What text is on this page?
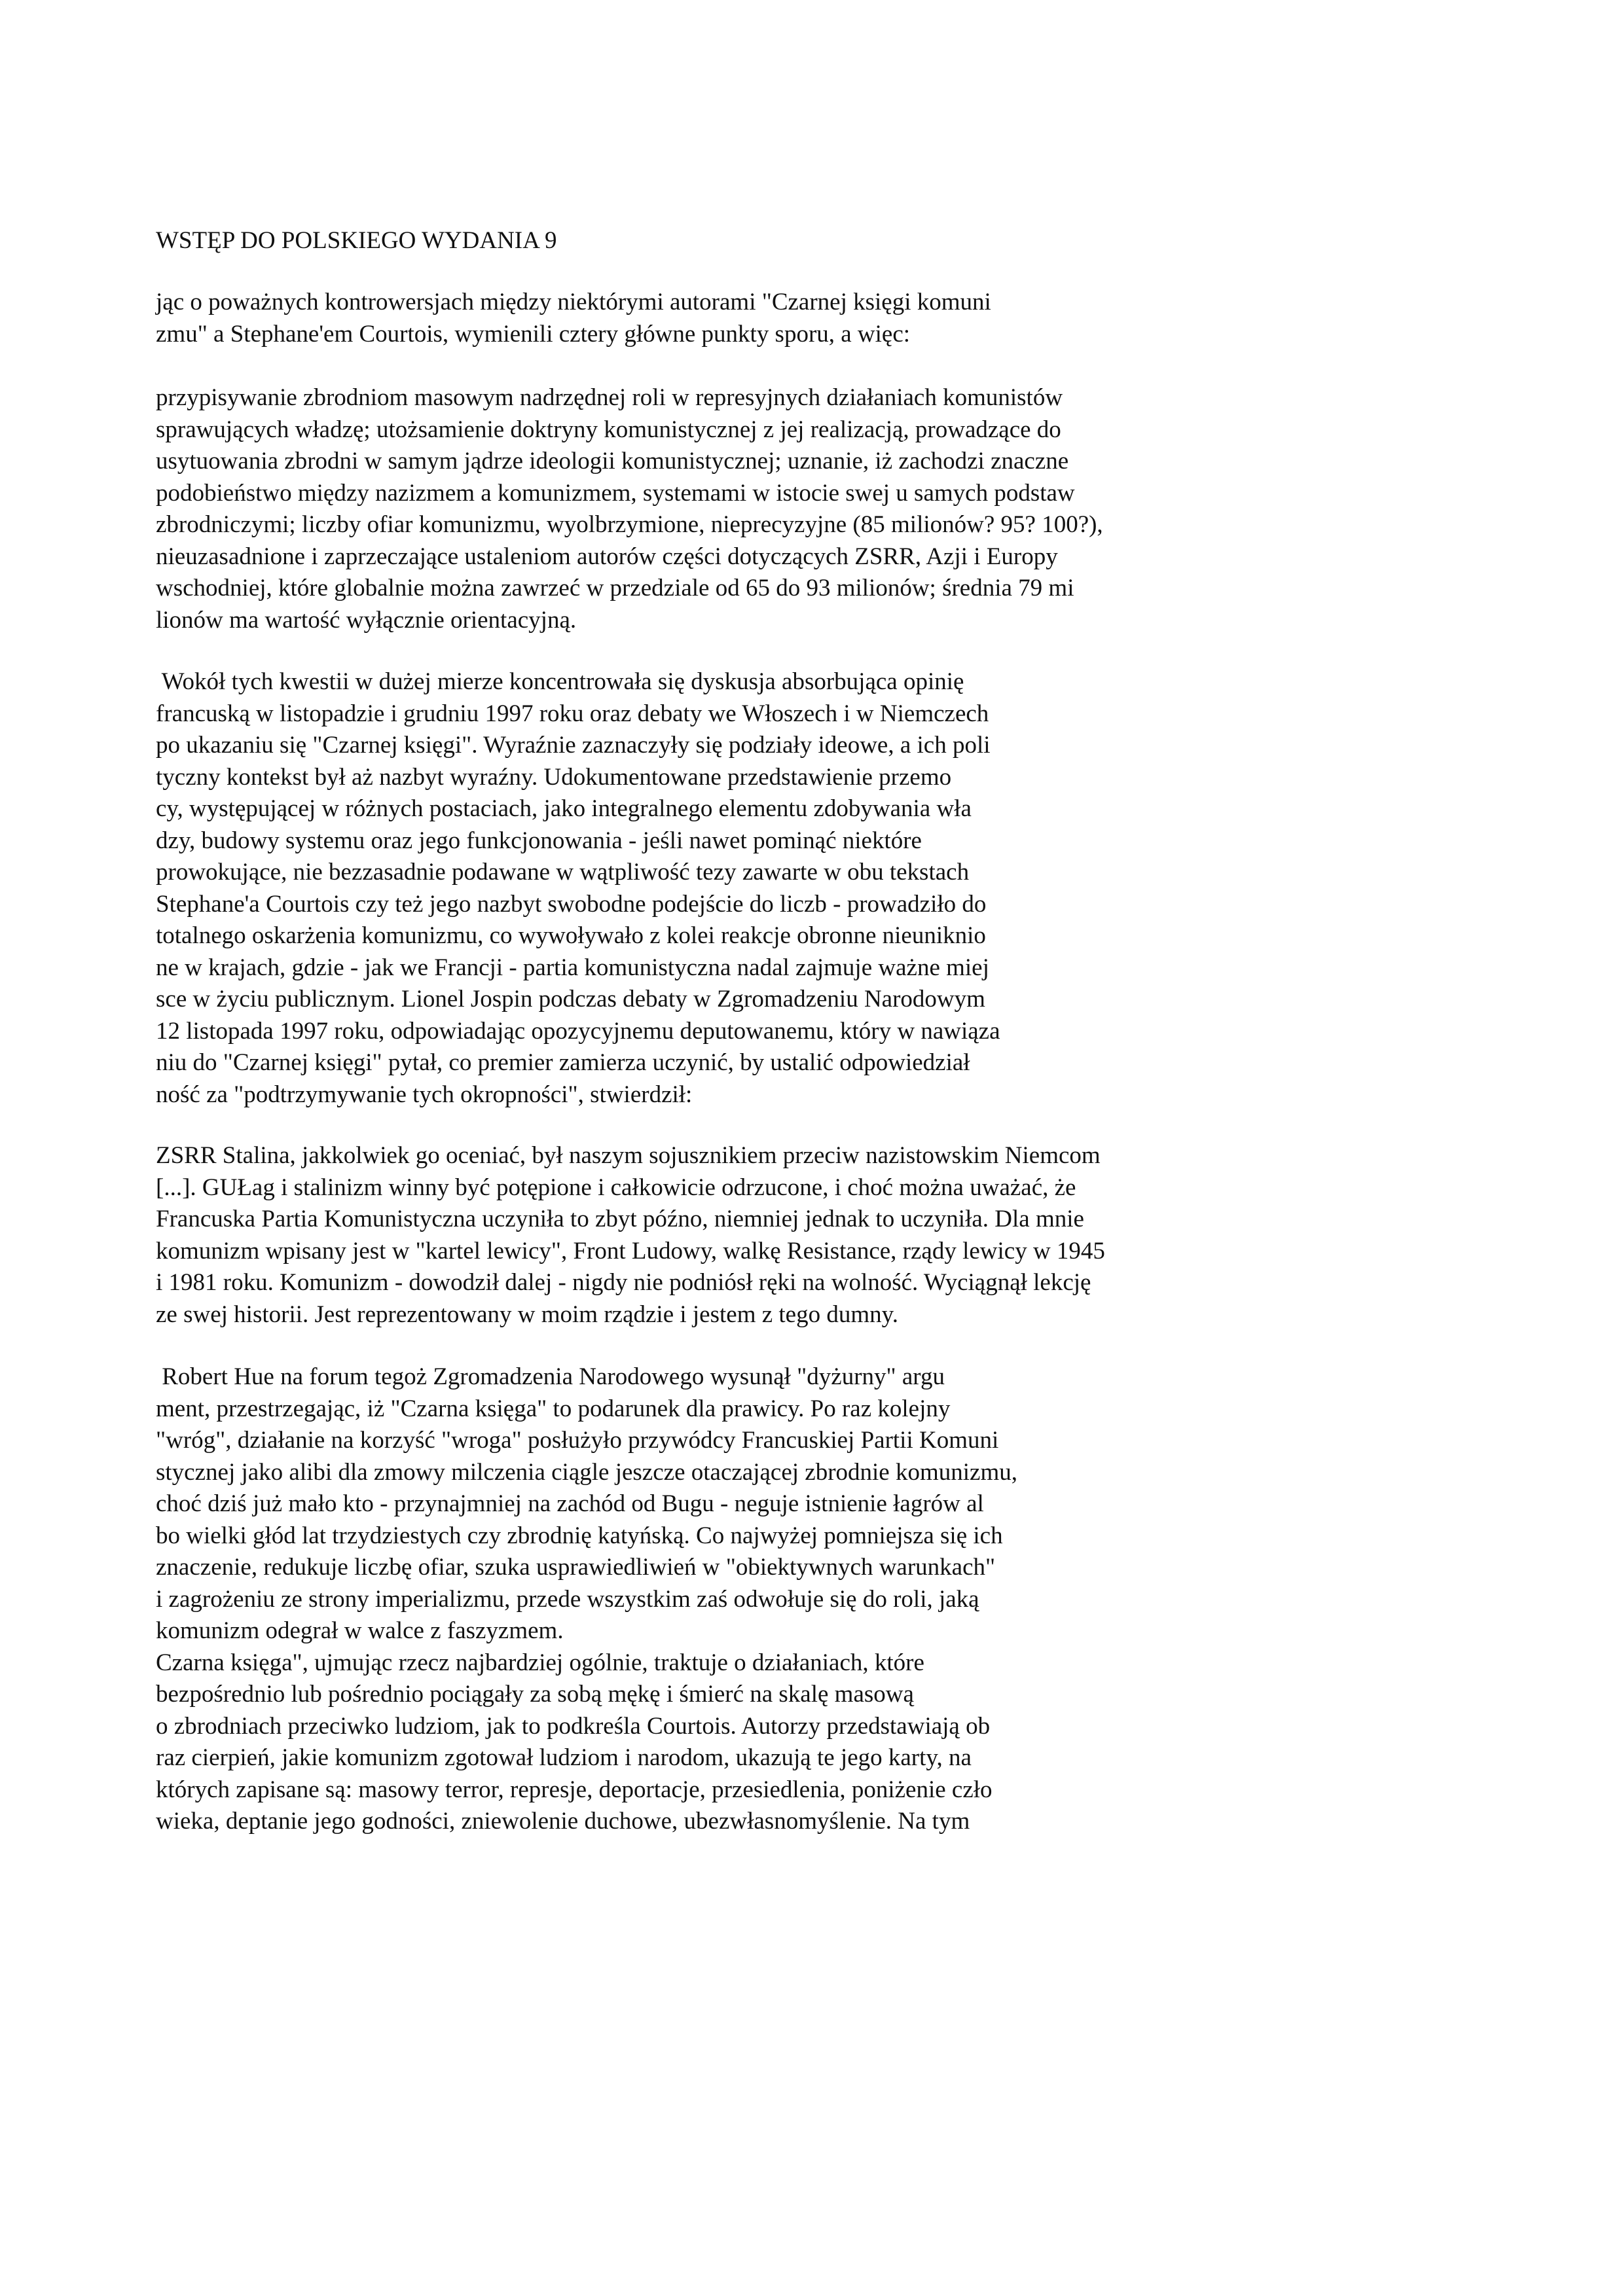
WSTĘP DO POLSKIEGO WYDANIA 9
jąc o poważnych kontrowersjach między niektórymi autorami "Czarnej księgi komuni
zmu" a Stephane'em Courtois, wymienili cztery główne punkty sporu, a więc:
przypisywanie zbrodniom masowym nadrzędnej roli w represyjnych działaniach komunistów
sprawujących władzę; utożsamienie doktryny komunistycznej z jej realizacją, prowadzące do
usytuowania zbrodni w samym jądrze ideologii komunistycznej; uznanie, iż zachodzi znaczne
podobieństwo między nazizmem a komunizmem, systemami w istocie swej u samych podstaw
zbrodniczymi; liczby ofiar komunizmu, wyolbrzymione, nieprecyzyjne (85 milionów? 95? 100?),
nieuzasadnione i zaprzeczające ustaleniom autorów części dotyczących ZSRR, Azji i Europy
wschodniej, które globalnie można zawrzeć w przedziale od 65 do 93 milionów; średnia 79 mi
lionów ma wartość wyłącznie orientacyjną.
Wokół tych kwestii w dużej mierze koncentrowała się dyskusja absorbująca opinię
francuską w listopadzie i grudniu 1997 roku oraz debaty we Włoszech i w Niemczech
po ukazaniu się "Czarnej księgi". Wyraźnie zaznaczyły się podziały ideowe, a ich poli
tyczny kontekst był aż nazbyt wyraźny. Udokumentowane przedstawienie przemo
cy, występującej w różnych postaciach, jako integralnego elementu zdobywania wła
dzy, budowy systemu oraz jego funkcjonowania - jeśli nawet pominąć niektóre
prowokujące, nie bezzasadnie podawane w wątpliwość tezy zawarte w obu tekstach
Stephane'a Courtois czy też jego nazbyt swobodne podejście do liczb - prowadziło do
totalnego oskarżenia komunizmu, co wywoływało z kolei reakcje obronne nieuniknio
ne w krajach, gdzie - jak we Francji - partia komunistyczna nadal zajmuje ważne miej
sce w życiu publicznym. Lionel Jospin podczas debaty w Zgromadzeniu Narodowym
12 listopada 1997 roku, odpowiadając opozycyjnemu deputowanemu, który w nawiąza
niu do "Czarnej księgi" pytał, co premier zamierza uczynić, by ustalić odpowiedział
ność za "podtrzymywanie tych okropności", stwierdził:
ZSRR Stalina, jakkolwiek go oceniać, był naszym sojusznikiem przeciw nazistowskim Niemcom
[...]. GUŁag i stalinizm winny być potępione i całkowicie odrzucone, i choć można uważać, że
Francuska Partia Komunistyczna uczyniła to zbyt późno, niemniej jednak to uczyniła. Dla mnie
komunizm wpisany jest w "kartel lewicy", Front Ludowy, walkę Resistance, rządy lewicy w 1945
i 1981 roku. Komunizm - dowodził dalej - nigdy nie podniósł ręki na wolność. Wyciągnął lekcję
ze swej historii. Jest reprezentowany w moim rządzie i jestem z tego dumny.
Robert Hue na forum tegoż Zgromadzenia Narodowego wysunął "dyżurny" argu
ment, przestrzegając, iż "Czarna księga" to podarunek dla prawicy. Po raz kolejny
"wróg", działanie na korzyść "wroga" posłużyło przywódcy Francuskiej Partii Komuni
stycznej jako alibi dla zmowy milczenia ciągle jeszcze otaczającej zbrodnie komunizmu,
choć dziś już mało kto - przynajmniej na zachód od Bugu - neguje istnienie łagrów al
bo wielki głód lat trzydziestych czy zbrodnię katyńską. Co najwyżej pomniejsza się ich
znaczenie, redukuje liczbę ofiar, szuka usprawiedliwień w "obiektywnych warunkach"
i zagrożeniu ze strony imperializmu, przede wszystkim zaś odwołuje się do roli, jaką
komunizm odegrał w walce z faszyzmem.
Czarna księga", ujmując rzecz najbardziej ogólnie, traktuje o działaniach, które
bezpośrednio lub pośrednio pociągały za sobą mękę i śmierć na skalę masową
o zbrodniach przeciwko ludziom, jak to podkreśla Courtois. Autorzy przedstawiają ob
raz cierpień, jakie komunizm zgotował ludziom i narodom, ukazują te jego karty, na
których zapisane są: masowy terror, represje, deportacje, przesiedlenia, poniżenie czło
wieka, deptanie jego godności, zniewolenie duchowe, ubezwłasnomyślenie. Na tym
